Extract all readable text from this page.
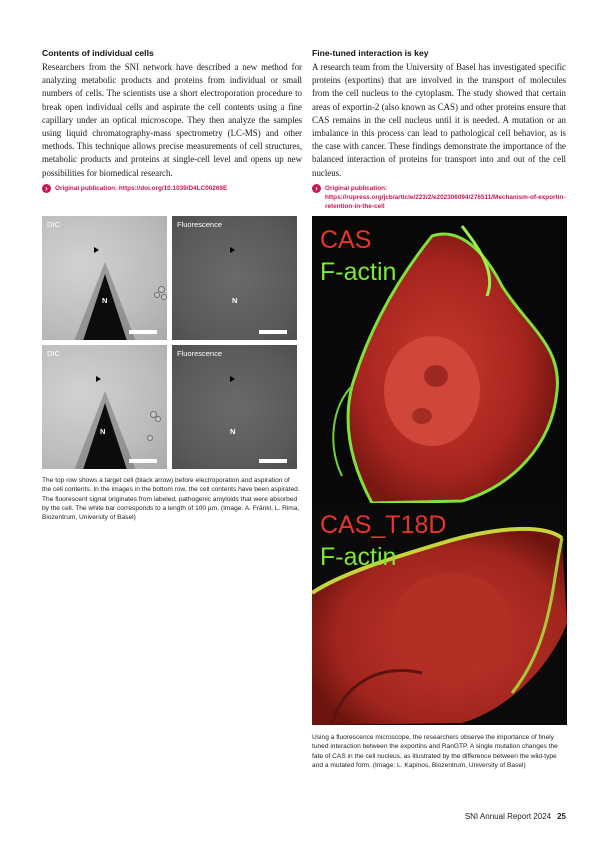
Contents of individual cells

Researchers from the SNI network have described a new method for analyzing metabolic products and proteins from individual or small numbers of cells. The scientists use a short electroporation procedure to break open individual cells and aspirate the cell contents using a fine capillary under an optical microscope. They then analyze the samples using liquid chromatography-mass spectrometry (LC-MS) and other methods. This technique allows precise measurements of cell structures, metabolic products and proteins at single-cell level and opens up new possibilities for biomedical research.

›	Original publication: https://doi.org/10.1039/D4LC00269E
Fine-tuned interaction is key

A research team from the University of Basel has investigated specific proteins (exportins) that are involved in the transport of molecules from the cell nucleus to the cytoplasm. The study showed that certain areas of exportin-2 (also known as CAS) and other proteins ensure that CAS remains in the cell nucleus until it is needed. A mutation or an imbalance in this process can lead to pathological cell behavior, as is the case with cancer. These findings demonstrate the importance of the balanced interaction of proteins for transport into and out of the cell nucleus.

›	Original publication: https://rupress.org/jcb/article/223/2/e202306094/276511/Mechanism-of-exportin-retention-in-the-cell
DIC
N
Fluorescence
N
DIC
N
Fluorescence
N
The top row shows a target cell (black arrow) before electroporation and aspiration of the cell contents. In the images in the bottom row, the cell contents have been aspirated. The fluorescent signal originates from labeled, pathogenic amyloids that were absorbed by the cell. The white bar corresponds to a length of 100 µm. (Image: A. Fränkl, L. Rima, Biozentrum, University of Basel)
CAS
F-actin
CAS_T18D
F-actin
Using a fluorescence microscope, the researchers observe the importance of finely tuned interaction between the exportins and RanGTP. A single mutation changes the fate of CAS in the cell nucleus, as illustrated by the difference between the wild-type and a mutated form. (Image: L. Kapinos, Biozentrum, University of Basel)
SNI Annual Report 2024 25
